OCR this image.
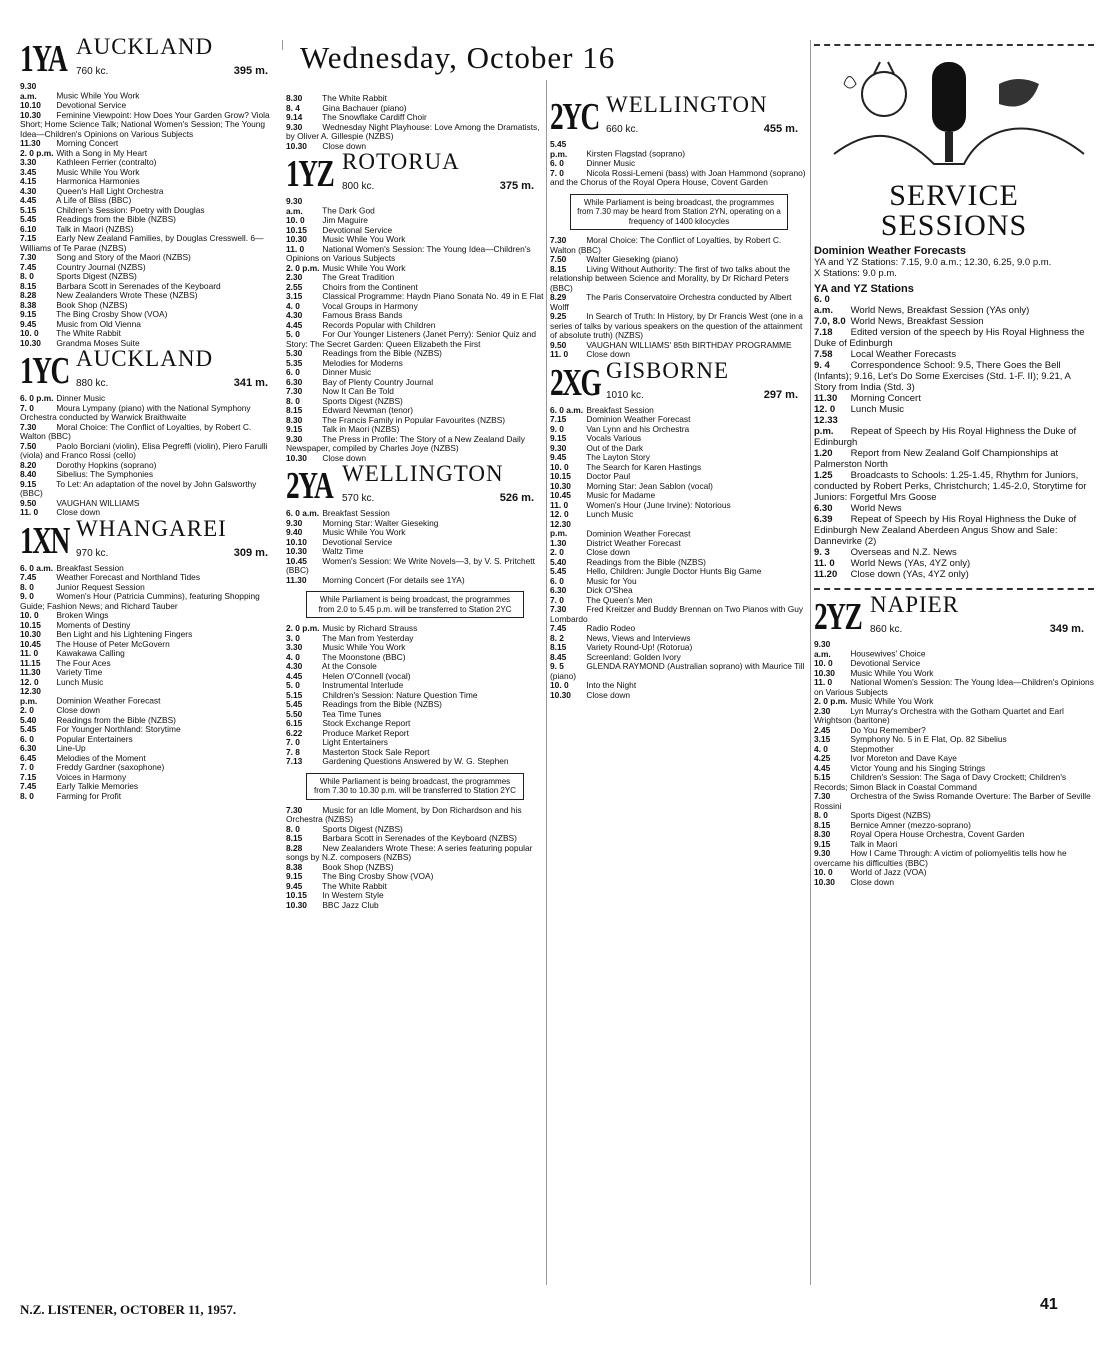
Wednesday, October 16
1YA AUCKLAND
760 kc.	395 m.
9.30 a.m. Music While You Work
10.10 Devotional Service
10.30 Feminine Viewpoint: How Does Your Garden Grow? Viola Short; Home Science Talk; National Women's Session; The Young Idea—Children's Opinions on Various Subjects
11.30 Morning Concert
2. 0 p.m. With a Song in My Heart
3.30 Kathleen Ferrier (contralto)
3.45 Music While You Work
4.15 Harmonica Harmonies
4.30 Queen's Hall Light Orchestra
4.45 A Life of Bliss (BBC)
5.15 Children's Session: Poetry with Douglas
5.45 Readings from the Bible (NZBS)
6.10 Talk in Maori (NZBS)
7.15 Early New Zealand Families, by Douglas Cresswell. 6—Williams of Te Parae (NZBS)
7.30 Song and Story of the Maori (NZBS)
7.45 Country Journal (NZBS)
8. 0 Sports Digest (NZBS)
8.15 Barbara Scott in Serenades of the Keyboard
8.28 New Zealanders Wrote These (NZBS)
8.38 Book Shop (NZBS)
9.15 The Bing Crosby Show (VOA)
9.45 Music from Old Vienna
10. 0 The White Rabbit
10.30 Grandma Moses Suite
1YC AUCKLAND
880 kc.	341 m.
6. 0 p.m. Dinner Music
7. 0 Moura Lympany (piano) with the National Symphony Orchestra conducted by Warwick Braithwaite
7.30 Moral Choice: The Conflict of Loyalties, by Robert C. Walton (BBC)
7.50 Paolo Borciani (violin), Elisa Pegreffi (violin), Piero Farulli (viola) and Franco Rossi (cello)
8.20 Dorothy Hopkins (soprano)
8.40 Sibelius: The Symphonies
9.15 To Let: An adaptation of the novel by John Galsworthy (BBC)
9.50 VAUGHAN WILLIAMS
11. 0 Close down
1XN WHANGAREI
970 kc.	309 m.
6. 0 a.m. Breakfast Session
7.45 Weather Forecast and Northland Tides
8. 0 Junior Request Session
9. 0 Women's Hour (Patricia Cummins), featuring Shopping Guide; Fashion News; and Richard Tauber
10. 0 Broken Wings
10.15 Moments of Destiny
10.30 Ben Light and his Lightening Fingers
10.45 The House of Peter McGovern
11. 0 Kawakawa Calling
11.15 The Four Aces
11.30 Variety Time
12. 0 Lunch Music
12.30 p.m. Dominion Weather Forecast
2. 0 Close down
5.40 Readings from the Bible (NZBS)
5.45 For Younger Northland: Storytime
6. 0 Popular Entertainers
6.30 Line-Up
6.45 Melodies of the Moment
7. 0 Freddy Gardner (saxophone)
7.15 Voices in Harmony
7.45 Early Talkie Memories
8. 0 Farming for Profit
8.30 The White Rabbit
8. 4 Gina Bachauer (piano)
9.14 The Snowflake Cardiff Choir
9.30 Wednesday Night Playhouse: Love Among the Dramatists, by Oliver A. Gillespie (NZBS)
10.30 Close down
1YZ ROTORUA
800 kc.	375 m.
9.30 a.m. The Dark God
10. 0 Jim Maguire
10.15 Devotional Service
10.30 Music While You Work
11. 0 National Women's Session: The Young Idea—Children's Opinions on Various Subjects
2. 0 p.m. Music While You Work
2.30 The Great Tradition
2.55 Choirs from the Continent
3.15 Classical Programme: Haydn Piano Sonata No. 49 in E Flat
4. 0 Vocal Groups in Harmony
4.30 Famous Brass Bands
4.45 Records Popular with Children
5. 0 For Our Younger Listeners (Janet Perry): Senior Quiz and Story: The Secret Garden: Queen Elizabeth the First
5.30 Readings from the Bible (NZBS)
5.35 Melodies for Moderns
6. 0 Dinner Music
6.30 Bay of Plenty Country Journal
7.30 Now It Can Be Told
8. 0 Sports Digest (NZBS)
8.15 Edward Newman (tenor)
8.30 The Francis Family in Popular Favourites (NZBS)
9.15 Talk in Maori (NZBS)
9.30 The Press in Profile: The Story of a New Zealand Daily Newspaper, compiled by Charles Joye (NZBS)
10.30 Close down
2YA WELLINGTON
570 kc.	526 m.
6. 0 a.m. Breakfast Session
9.30 Morning Star: Walter Gieseking
9.40 Music While You Work
10.10 Devotional Service
10.30 Waltz Time
10.45 Women's Session: We Write Novels—3, by V. S. Pritchett (BBC)
11.30 Morning Concert (For details see 1YA)
While Parliament is being broadcast, the programmes from 2.0 to 5.45 p.m. will be transferred to Station 2YC
2. 0 p.m. Music by Richard Strauss
3. 0 The Man from Yesterday
3.30 Music While You Work
4. 0 The Moonstone (BBC)
4.30 At the Console
4.45 Helen O'Connell (vocal)
5. 0 Instrumental Interlude
5.15 Children's Session: Nature Question Time
5.45 Readings from the Bible (NZBS)
5.50 Tea Time Tunes
6.15 Stock Exchange Report
6.22 Produce Market Report
7. 0 Light Entertainers
7. 8 Masterton Stock Sale Report
7.13 Gardening Questions Answered by W. G. Stephen
While Parliament is being broadcast, the programmes from 7.30 to 10.30 p.m. will be transferred to Station 2YC
7.30 Music for an Idle Moment, by Don Richardson and his Orchestra (NZBS)
8. 0 Sports Digest (NZBS)
8.15 Barbara Scott in Serenades of the Keyboard (NZBS)
8.28 New Zealanders Wrote These: A series featuring popular songs by N.Z. composers (NZBS)
8.38 Book Shop (NZBS)
9.15 The Bing Crosby Show (VOA)
9.45 The White Rabbit
10.15 In Western Style
10.30 BBC Jazz Club
2YC WELLINGTON
660 kc.	455 m.
5.45 p.m. Kirsten Flagstad (soprano)
6. 0 Dinner Music
7. 0 Nicola Rossi-Lemeni (bass) with Joan Hammond (soprano) and the Chorus of the Royal Opera House, Covent Garden
While Parliament is being broadcast, the programmes from 7.30 may be heard from Station 2YN, operating on a frequency of 1400 kilocycles
7.30 Moral Choice: The Conflict of Loyalties, by Robert C. Walton (BBC)
7.50 Walter Gieseking (piano)
8.15 Living Without Authority: The first of two talks about the relationship between Science and Morality, by Dr Richard Peters (BBC)
8.29 The Paris Conservatoire Orchestra conducted by Albert Wolff
9.25 In Search of Truth: In History, by Dr Francis West (one in a series of talks by various speakers on the question of the attainment of absolute truth) (NZBS)
9.50 VAUGHAN WILLIAMS' 85th BIRTHDAY PROGRAMME
11. 0 Close down
2XG GISBORNE
1010 kc.	297 m.
6. 0 a.m. Breakfast Session
7.15 Dominion Weather Forecast
9. 0 Van Lynn and his Orchestra
9.15 Vocals Various
9.30 Out of the Dark
9.45 The Layton Story
10. 0 The Search for Karen Hastings
10.15 Doctor Paul
10.30 Morning Star: Jean Sablon (vocal)
10.45 Music for Madame
11. 0 Women's Hour (June Irvine): Notorious
12. 0 Lunch Music
12.30 p.m. Dominion Weather Forecast
1.30 District Weather Forecast
2. 0 Close down
5.40 Readings from the Bible (NZBS)
5.45 Hello, Children: Jungle Doctor Hunts Big Game
6. 0 Music for You
6.30 Dick O'Shea
7. 0 The Queen's Men
7.30 Fred Kreitzer and Buddy Brennan on Two Pianos with Guy Lombardo
7.45 Radio Rodeo
8. 2 News, Views and Interviews
8.15 Variety Round-Up! (Rotorua)
8.45 Screenland: Golden Ivory
9. 5 GLENDA RAYMOND (Australian soprano) with Maurice Till (piano)
10. 0 Into the Night
10.30 Close down
SERVICE
SESSIONS
Dominion Weather Forecasts
YA and YZ Stations: 7.15, 9.0 a.m.; 12.30, 6.25, 9.0 p.m.
X Stations: 9.0 p.m.
YA and YZ Stations
6. 0 a.m. World News, Breakfast Session (YAs only)
7.0, 8.0 World News, Breakfast Session
7.18 Edited version of the speech by His Royal Highness the Duke of Edinburgh
7.58 Local Weather Forecasts
9. 4 Correspondence School: 9.5, There Goes the Bell (Infants); 9.16, Let's Do Some Exercises (Std. 1-F. II); 9.21, A Story from India (Std. 3)
11.30 Morning Concert
12. 0 Lunch Music
12.33 p.m. Repeat of Speech by His Royal Highness the Duke of Edinburgh
1.20 Report from New Zealand Golf Championships at Palmerston North
1.25 Broadcasts to Schools: 1.25-1.45, Rhythm for Juniors, conducted by Robert Perks, Christchurch; 1.45-2.0, Storytime for Juniors: Forgetful Mrs Goose
6.30 World News
6.39 Repeat of Speech by His Royal Highness the Duke of Edinburgh New Zealand Aberdeen Angus Show and Sale: Dannevirke (2)
9. 3 Overseas and N.Z. News
11. 0 World News (YAs, 4YZ only)
11.20 Close down (YAs, 4YZ only)
2YZ NAPIER
860 kc.	349 m.
9.30 a.m. Housewives' Choice
10. 0 Devotional Service
10.30 Music While You Work
11. 0 National Women's Session: The Young Idea—Children's Opinions on Various Subjects
2. 0 p.m. Music While You Work
2.30 Lyn Murray's Orchestra with the Gotham Quartet and Earl Wrightson (baritone)
2.45 Do You Remember?
3.15 Symphony No. 5 in E Flat, Op. 82 Sibelius
4. 0 Stepmother
4.25 Ivor Moreton and Dave Kaye
4.45 Victor Young and his Singing Strings
5.15 Children's Session: The Saga of Davy Crockett; Children's Records; Simon Black in Coastal Command
7.30 Orchestra of the Swiss Romande Overture: The Barber of Seville Rossini
8. 0 Sports Digest (NZBS)
8.15 Bernice Amner (mezzo-soprano)
8.30 Royal Opera House Orchestra, Covent Garden
9.15 Talk in Maori
9.30 How I Came Through: A victim of poliomyelitis tells how he overcame his difficulties (BBC)
10. 0 World of Jazz (VOA)
10.30 Close down
N.Z. LISTENER, OCTOBER 11, 1957.	41
